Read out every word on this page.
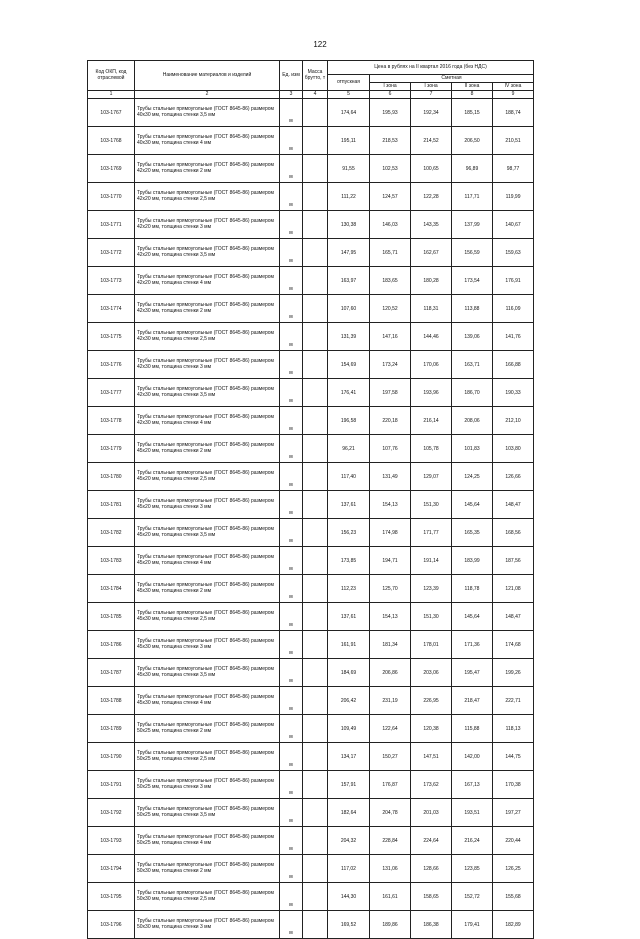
122
Код ОКП, код отраслевой	Наименование материалов и изделий	Ед. изм	Масса брутто, т	Цена в рублях на II квартал 2016 года (без НДС)				
				отпускная	Сметная			
					I зона	I зона	II зона	IV зона
1	2	3	4	5	6	7	8	9
103-1767	Трубы стальные прямоугольные (ГОСТ 8645-86) размером 40х30 мм, толщина стенки 3,5 мм	м		174,64	195,93	192,34	185,15	188,74
103-1768	Трубы стальные прямоугольные (ГОСТ 8645-86) размером 40х30 мм, толщина стенки 4 мм	м		195,11	218,53	214,52	206,50	210,51
103-1769	Трубы стальные прямоугольные (ГОСТ 8645-86) размером 42х20 мм, толщина стенки 2 мм	м		91,55	102,53	100,65	96,89	98,77
103-1770	Трубы стальные прямоугольные (ГОСТ 8645-86) размером 42х20 мм, толщина стенки 2,5 мм	м		111,22	124,57	122,28	117,71	119,99
103-1771	Трубы стальные прямоугольные (ГОСТ 8645-86) размером 42х20 мм, толщина стенки 3 мм	м		130,38	146,03	143,35	137,99	140,67
103-1772	Трубы стальные прямоугольные (ГОСТ 8645-86) размером 42х20 мм, толщина стенки 3,5 мм	м		147,95	165,71	162,67	156,59	159,63
103-1773	Трубы стальные прямоугольные (ГОСТ 8645-86) размером 42х20 мм, толщина стенки 4 мм	м		163,97	183,65	180,28	173,54	176,91
103-1774	Трубы стальные прямоугольные (ГОСТ 8645-86) размером 42х30 мм, толщина стенки 2 мм	м		107,60	120,52	118,31	113,88	116,09
103-1775	Трубы стальные прямоугольные (ГОСТ 8645-86) размером 42х30 мм, толщина стенки 2,5 мм	м		131,39	147,16	144,46	139,06	141,76
103-1776	Трубы стальные прямоугольные (ГОСТ 8645-86) размером 42х30 мм, толщина стенки 3 мм	м		154,69	173,24	170,06	163,71	166,88
103-1777	Трубы стальные прямоугольные (ГОСТ 8645-86) размером 42х30 мм, толщина стенки 3,5 мм	м		176,41	197,58	193,96	186,70	190,33
103-1778	Трубы стальные прямоугольные (ГОСТ 8645-86) размером 42х30 мм, толщина стенки 4 мм	м		196,58	220,18	216,14	208,06	212,10
103-1779	Трубы стальные прямоугольные (ГОСТ 8645-86) размером 45х20 мм, толщина стенки 2 мм	м		96,21	107,76	105,78	101,83	103,80
103-1780	Трубы стальные прямоугольные (ГОСТ 8645-86) размером 45х20 мм, толщина стенки 2,5 мм	м		117,40	131,49	129,07	124,25	126,66
103-1781	Трубы стальные прямоугольные (ГОСТ 8645-86) размером 45х20 мм, толщина стенки 3 мм	м		137,61	154,13	151,30	145,64	148,47
103-1782	Трубы стальные прямоугольные (ГОСТ 8645-86) размером 45х20 мм, толщина стенки 3,5 мм	м		156,23	174,98	171,77	165,35	168,56
103-1783	Трубы стальные прямоугольные (ГОСТ 8645-86) размером 45х20 мм, толщина стенки 4 мм	м		173,85	194,71	191,14	183,99	187,56
103-1784	Трубы стальные прямоугольные (ГОСТ 8645-86) размером 45х30 мм, толщина стенки 2 мм	м		112,23	125,70	123,39	118,78	121,08
103-1785	Трубы стальные прямоугольные (ГОСТ 8645-86) размером 45х30 мм, толщина стенки 2,5 мм	м		137,61	154,13	151,30	145,64	148,47
103-1786	Трубы стальные прямоугольные (ГОСТ 8645-86) размером 45х30 мм, толщина стенки 3 мм	м		161,91	181,34	178,01	171,36	174,68
103-1787	Трубы стальные прямоугольные (ГОСТ 8645-86) размером 45х30 мм, толщина стенки 3,5 мм	м		184,69	206,86	203,06	195,47	199,26
103-1788	Трубы стальные прямоугольные (ГОСТ 8645-86) размером 45х30 мм, толщина стенки 4 мм	м		206,42	231,19	226,95	218,47	222,71
103-1789	Трубы стальные прямоугольные (ГОСТ 8645-86) размером 50х25 мм, толщина стенки 2 мм	м		109,49	122,64	120,38	115,88	118,13
103-1790	Трубы стальные прямоугольные (ГОСТ 8645-86) размером 50х25 мм, толщина стенки 2,5 мм	м		134,17	150,27	147,51	142,00	144,75
103-1791	Трубы стальные прямоугольные (ГОСТ 8645-86) размером 50х25 мм, толщина стенки 3 мм	м		157,91	176,87	173,62	167,13	170,38
103-1792	Трубы стальные прямоугольные (ГОСТ 8645-86) размером 50х25 мм, толщина стенки 3,5 мм	м		182,64	204,78	201,03	193,51	197,27
103-1793	Трубы стальные прямоугольные (ГОСТ 8645-86) размером 50х25 мм, толщина стенки 4 мм	м		204,32	228,84	224,64	216,24	220,44
103-1794	Трубы стальные прямоугольные (ГОСТ 8645-86) размером 50х30 мм, толщина стенки 2 мм	м		117,02	131,06	128,66	123,85	126,25
103-1795	Трубы стальные прямоугольные (ГОСТ 8645-86) размером 50х30 мм, толщина стенки 2,5 мм	м		144,30	161,61	158,65	152,72	155,68
103-1796	Трубы стальные прямоугольные (ГОСТ 8645-86) размером 50х30 мм, толщина стенки 3 мм	м		169,52	189,86	186,38	179,41	182,89
